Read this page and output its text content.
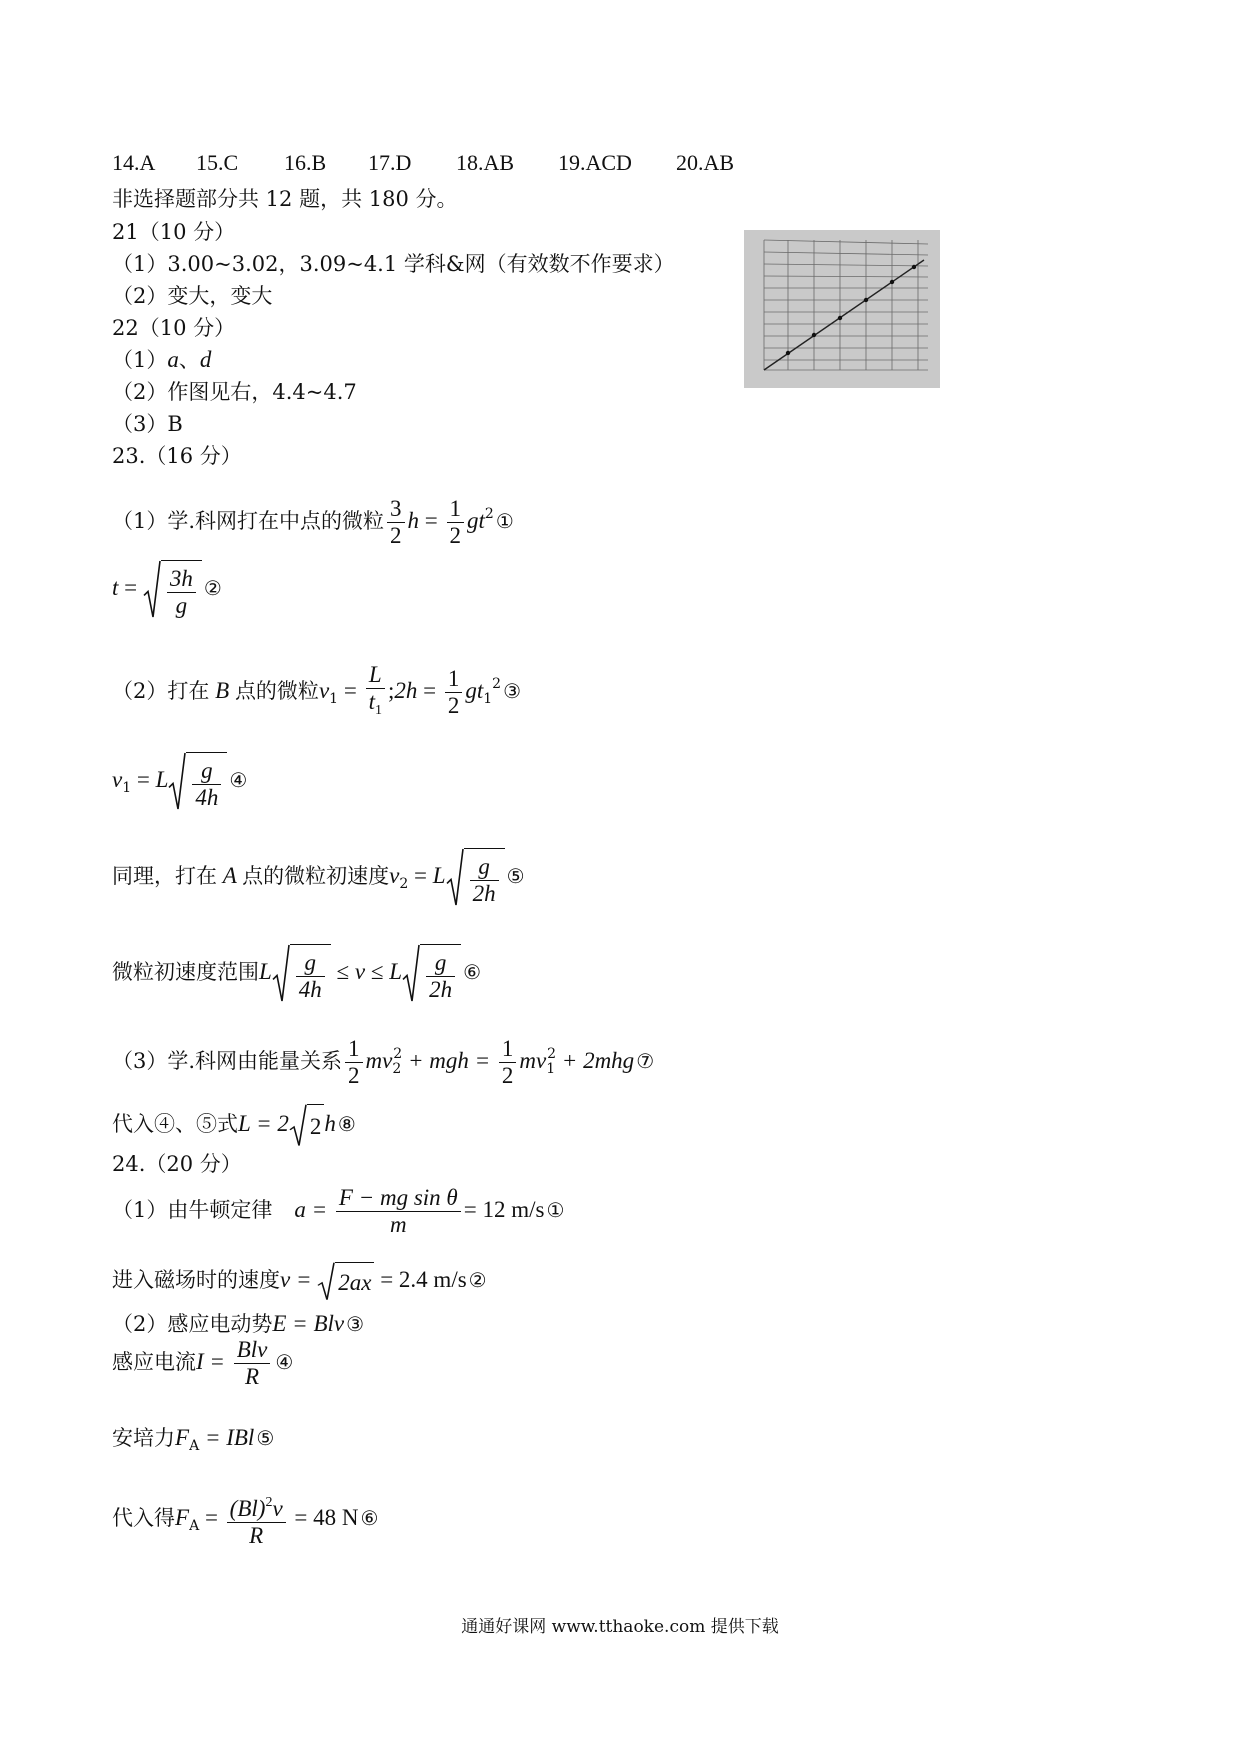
14.A 15.C 16.B 17.D 18.AB 19.ACD 20.AB
非选择题部分共 12 题，共 180 分。
21（10 分）
（1）3.00~3.02，3.09~4.1 学科&网（有效数不作要求）
（2）变大，变大
22（10 分）
（1）a、d
（2）作图见右，4.4~4.7
（3）B
23.（16 分）
（1）学.科网打在中点的微粒 $\frac{3}{2}$ $h = \frac{1}{2} gt^2$ ①
$t = \frac{3h}{g}$ ②
（2）打在 B 点的微粒$v_1 = \frac{L}{t_1}$ ;2h = $\frac{1}{2} gt_1^2$ ③
$v_1 = L \frac{g}{4h}$ ④
同理，打在 A 点的微粒初速度$v_2 = L \frac{g}{2h}$ ⑤
微粒初速度范围L $\frac{g}{4h} \le v \le L \frac{g}{2h}$ ⑥
（3）学.科网由能量关系 $\frac{1}{2} mv_2^2$ + mgh = $\frac{1}{2} mv_1^2 + 2mhg$ ⑦
代入④、⑤式L = 2 2 h ⑧
24.（20 分）
（1）由牛顿定律 $a = \frac{\text{F − mg sin θ}}{m} = 12$ m/s ①
进入磁场时的速度v =
2ax = 2.4 m/s ②
（2）感应电动势E = Blv ③
感应电流$I = \frac{\text{Blv}}{R}$ ④
安培力$F_A$ = IBl ⑤
代入得$F_A = \frac{(Bl)^2v}{R} = 48$ N ⑥
通通好课网 www.tthaoke.com 提供下载
